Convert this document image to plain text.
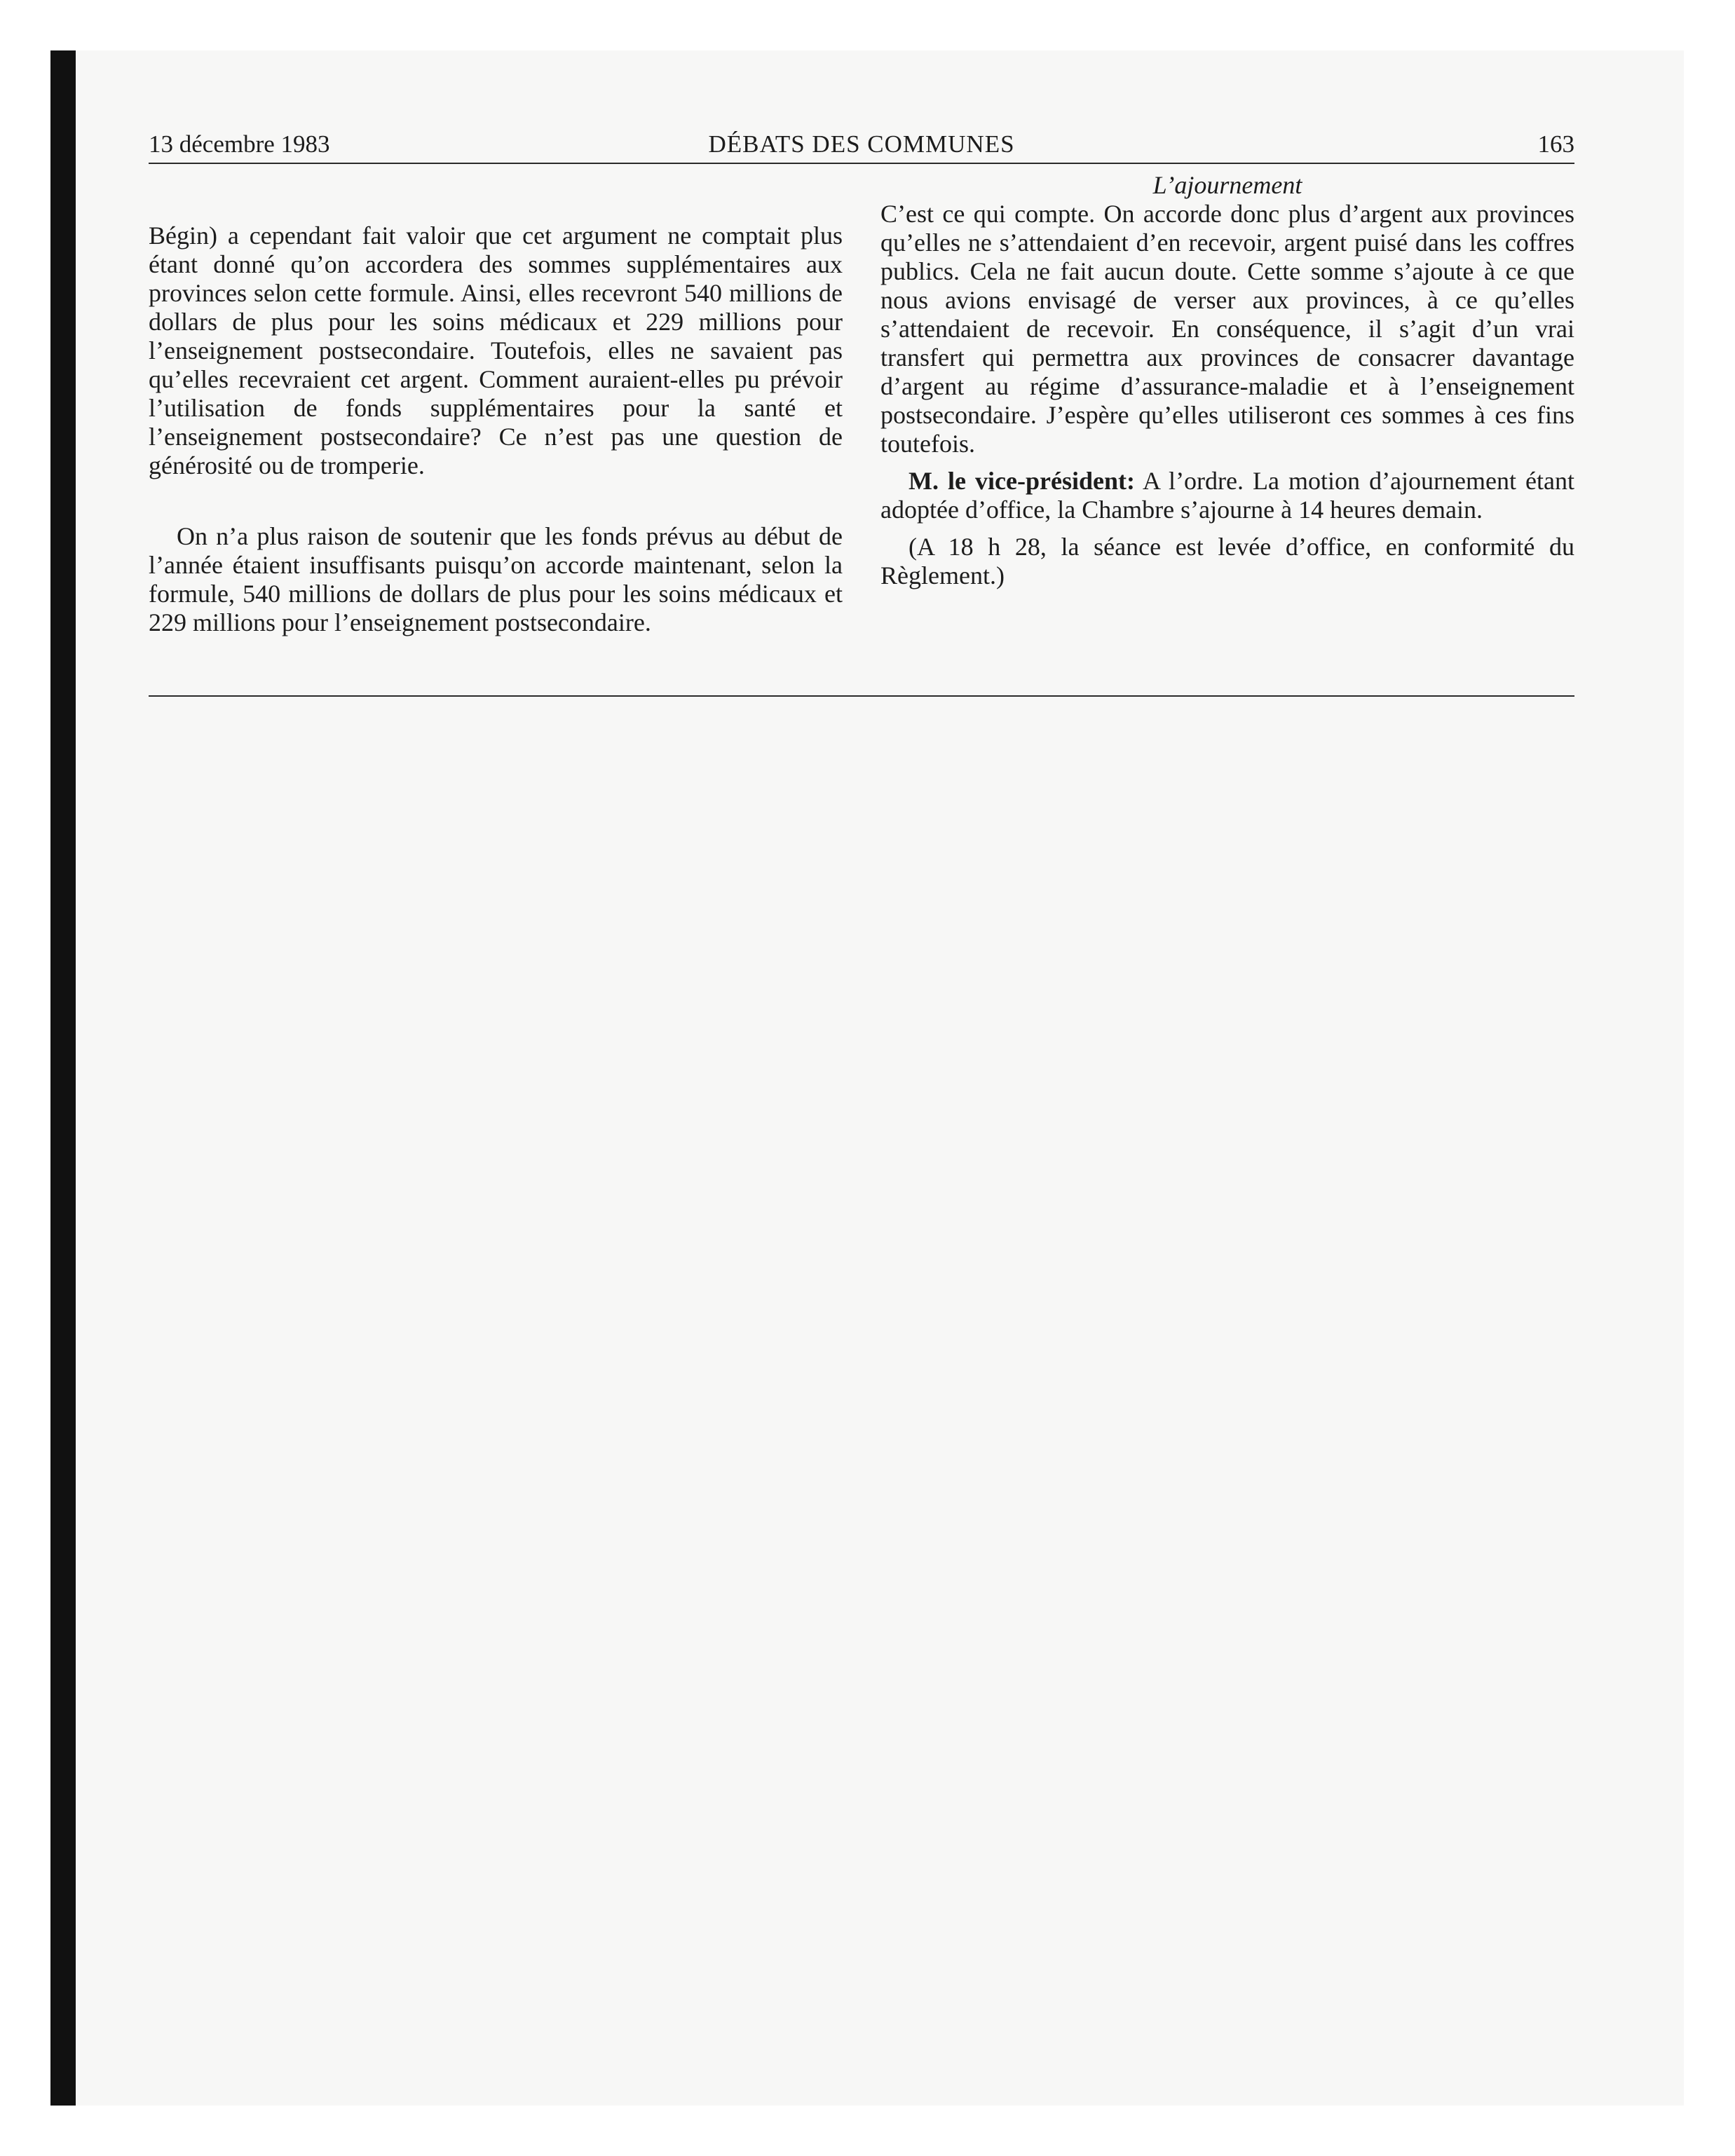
13 décembre 1983	DÉBATS DES COMMUNES	163

Bégin) a cependant fait valoir que cet argument ne comptait plus étant donné qu’on accordera des sommes supplémentaires aux provinces selon cette formule. Ainsi, elles recevront 540 millions de dollars de plus pour les soins médicaux et 229 millions pour l’enseignement postsecondaire. Toutefois, elles ne savaient pas qu’elles recevraient cet argent. Comment auraient-elles pu prévoir l’utilisation de fonds supplémentaires pour la santé et l’enseignement postsecondaire? Ce n’est pas une question de générosité ou de tromperie.

On n’a plus raison de soutenir que les fonds prévus au début de l’année étaient insuffisants puisqu’on accorde maintenant, selon la formule, 540 millions de dollars de plus pour les soins médicaux et 229 millions pour l’enseignement postsecondaire.

L’ajournement

C’est ce qui compte. On accorde donc plus d’argent aux provinces qu’elles ne s’attendaient d’en recevoir, argent puisé dans les coffres publics. Cela ne fait aucun doute. Cette somme s’ajoute à ce que nous avions envisagé de verser aux provinces, à ce qu’elles s’attendaient de recevoir. En conséquence, il s’agit d’un vrai transfert qui permettra aux provinces de consacrer davantage d’argent au régime d’assurance-maladie et à l’enseignement postsecondaire. J’espère qu’elles utiliseront ces sommes à ces fins toutefois.

M. le vice-président: A l’ordre. La motion d’ajournement étant adoptée d’office, la Chambre s’ajourne à 14 heures demain.

(A 18 h 28, la séance est levée d’office, en conformité du Règlement.)
